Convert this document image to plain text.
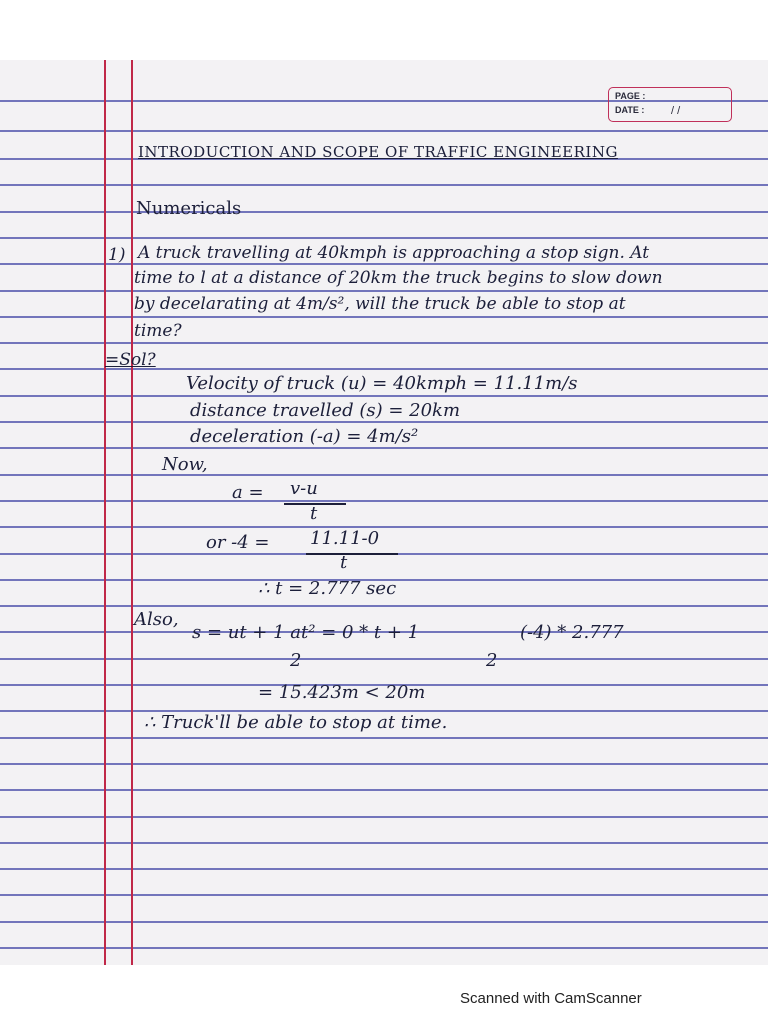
PAGE :
DATE : / /
INTRODUCTION AND SCOPE OF TRAFFIC ENGINEERING
Numericals
1) A truck travelling at 40kmph is approaching a stop sign. At
time to l at a distance of 20km the truck begins to slow down
by decelarating at 4m/s², will the truck be able to stop at
time?
=Sol?
Velocity of truck (u) = 40kmph = 11.11m/s
distance travelled (s) = 20km
deceleration (-a) = 4m/s²
Now,
a = v-u
t
or -4 = 11.11-0
t
∴ t = 2.777 sec
Also,
s = ut + 1 at² = 0 * t + 1	(-4) * 2.777
2	2
= 15.423m < 20m
∴ Truck'll be able to stop at time.
Scanned with CamScanner
